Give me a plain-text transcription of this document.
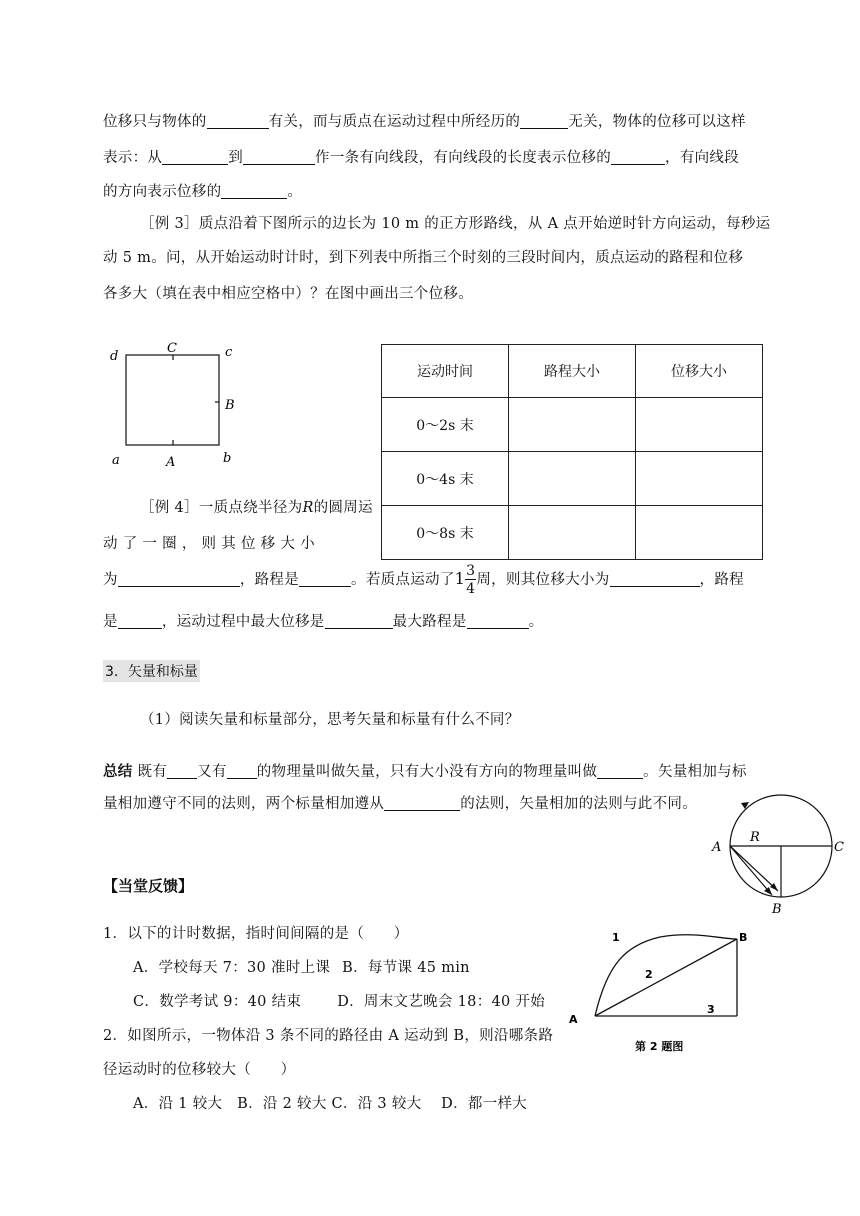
位移只与物体的	有关，而与质点在运动过程中所经历的	无关，物体的位移可以这样
表示：从	到	作一条有向线段，有向线段的长度表示位移的	，有向线段
的方向表示位移的	。
［例 3］质点沿着下图所示的边长为 10 m 的正方形路线，从 A 点开始逆时针方向运动，每秒运
动 5 m。问，从开始运动时计时，到下列表中所指三个时刻的三段时间内，质点运动的路程和位移
各多大（填在表中相应空格中）？在图中画出三个位移。
d
C	c
B
a	A	b
运动时间	路程大小	位移大小
0～2s 末		
0～4s 末		
0～8s 末		
［例 4］一质点绕半径为R的圆周运
动 了 一 圈 ， 则 其 位 移 大 小
为	，路程是	。若质点运动了$1 \frac{3}{4}$ 周，则其位移大小为	，路程
是	，运动过程中最大位移是	最大路程是	。
3．矢量和标量
（1）阅读矢量和标量部分，思考矢量和标量有什么不同？
总结 既有 又有 的物理量叫做矢量，只有大小没有方向的物理量叫做	。矢量相加与标
量相加遵守不同的法则，两个标量相加遵从	的法则，矢量相加的法则与此不同。
A
R
C
B
【当堂反馈】
1．以下的计时数据，指时间间隔的是（　　）
A．学校每天 7：30 准时上课 B．每节课 45 min
C．数学考试 9：40 结束 D．周末文艺晚会 18：40 开始
2．如图所示，一物体沿 3 条不同的路径由 A 运动到 B，则沿哪条路
径运动时的位移较大（　　）
A．沿 1 较大　B．沿 2 较大 C．沿 3 较大　 D．都一样大
1
2
3
A
B
第 2 题图
